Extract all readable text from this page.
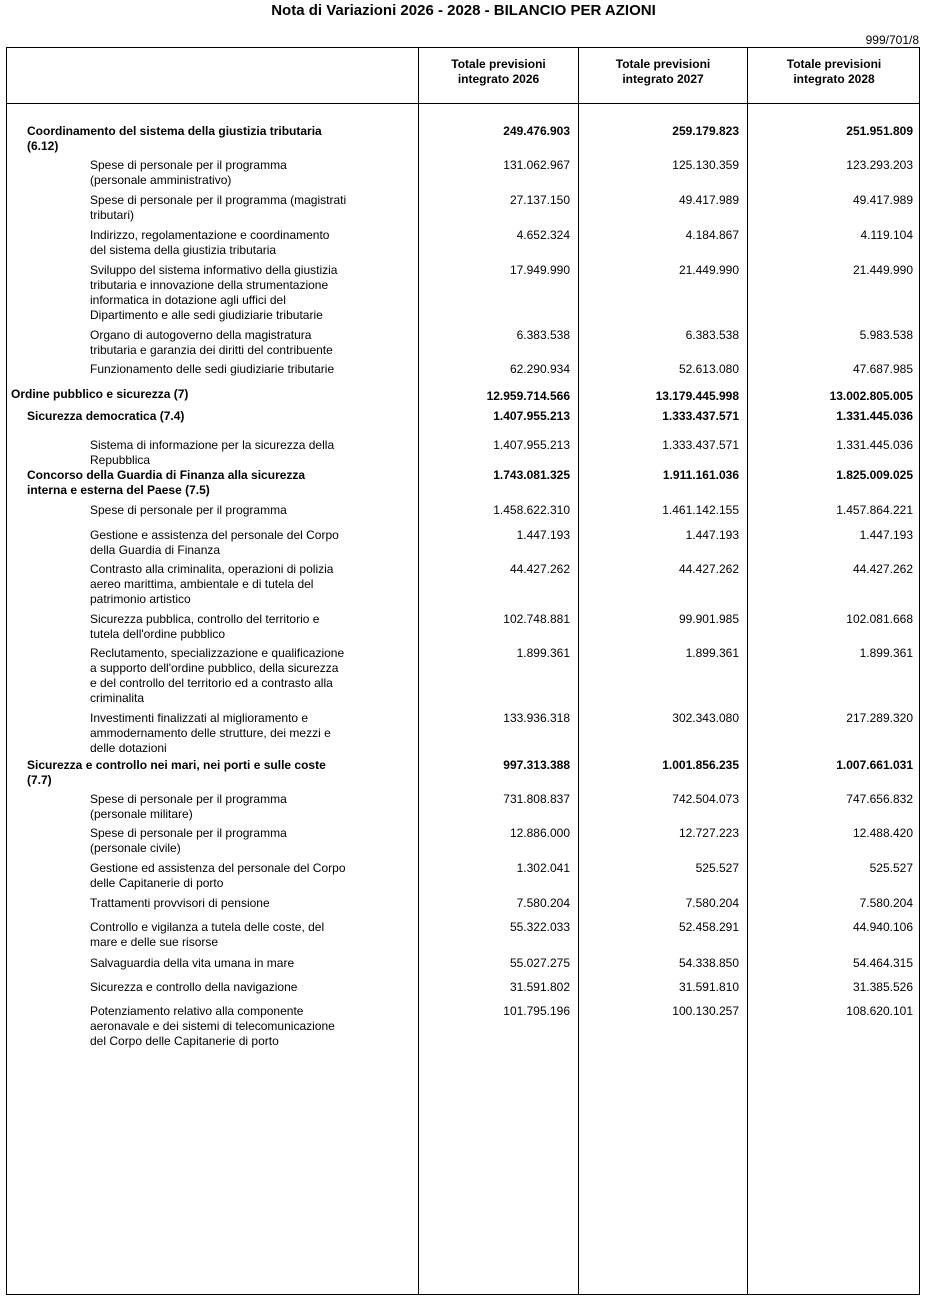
Nota di Variazioni 2026 - 2028 - BILANCIO PER AZIONI
999/701/8
Totale previsioni
integrato 2026
Totale previsioni
integrato 2027
Totale previsioni
integrato 2028
Coordinamento del sistema della giustizia tributaria
(6.12)
249.476.903	259.179.823	251.951.809
Spese di personale per il programma
(personale amministrativo)
131.062.967	125.130.359	123.293.203
Spese di personale per il programma (magistrati
tributari)
27.137.150	49.417.989	49.417.989
Indirizzo, regolamentazione e coordinamento
del sistema della giustizia tributaria
4.652.324	4.184.867	4.119.104
Sviluppo del sistema informativo della giustizia
tributaria e innovazione della strumentazione
informatica in dotazione agli uffici del
Dipartimento e alle sedi giudiziarie tributarie
17.949.990	21.449.990	21.449.990
Organo di autogoverno della magistratura
tributaria e garanzia dei diritti del contribuente
6.383.538	6.383.538	5.983.538
Funzionamento delle sedi giudiziarie tributarie	62.290.934	52.613.080	47.687.985
Ordine pubblico e sicurezza (7)	12.959.714.566	13.179.445.998	13.002.805.005
Sicurezza democratica (7.4)	1.407.955.213	1.333.437.571	1.331.445.036
Sistema di informazione per la sicurezza della
Repubblica
1.407.955.213	1.333.437.571	1.331.445.036
Concorso della Guardia di Finanza alla sicurezza
interna e esterna del Paese (7.5)
1.743.081.325	1.911.161.036	1.825.009.025
Spese di personale per il programma	1.458.622.310	1.461.142.155	1.457.864.221
Gestione e assistenza del personale del Corpo
della Guardia di Finanza
1.447.193	1.447.193	1.447.193
Contrasto alla criminalita, operazioni di polizia
aereo marittima, ambientale e di tutela del
patrimonio artistico
44.427.262	44.427.262	44.427.262
Sicurezza pubblica, controllo del territorio e
tutela dell'ordine pubblico
102.748.881	99.901.985	102.081.668
Reclutamento, specializzazione e qualificazione
a supporto dell'ordine pubblico, della sicurezza
e del controllo del territorio ed a contrasto alla
criminalita
1.899.361	1.899.361	1.899.361
Investimenti finalizzati al miglioramento e
ammodernamento delle strutture, dei mezzi e
delle dotazioni
133.936.318	302.343.080	217.289.320
Sicurezza e controllo nei mari, nei porti e sulle coste
(7.7)
997.313.388	1.001.856.235	1.007.661.031
Spese di personale per il programma
(personale militare)
731.808.837	742.504.073	747.656.832
Spese di personale per il programma
(personale civile)
12.886.000	12.727.223	12.488.420
Gestione ed assistenza del personale del Corpo
delle Capitanerie di porto
1.302.041	525.527	525.527
Trattamenti provvisori di pensione	7.580.204	7.580.204	7.580.204
Controllo e vigilanza a tutela delle coste, del
mare e delle sue risorse
55.322.033	52.458.291	44.940.106
Salvaguardia della vita umana in mare	55.027.275	54.338.850	54.464.315
Sicurezza e controllo della navigazione	31.591.802	31.591.810	31.385.526
Potenziamento relativo alla componente
aeronavale e dei sistemi di telecomunicazione
del Corpo delle Capitanerie di porto
101.795.196	100.130.257	108.620.101
